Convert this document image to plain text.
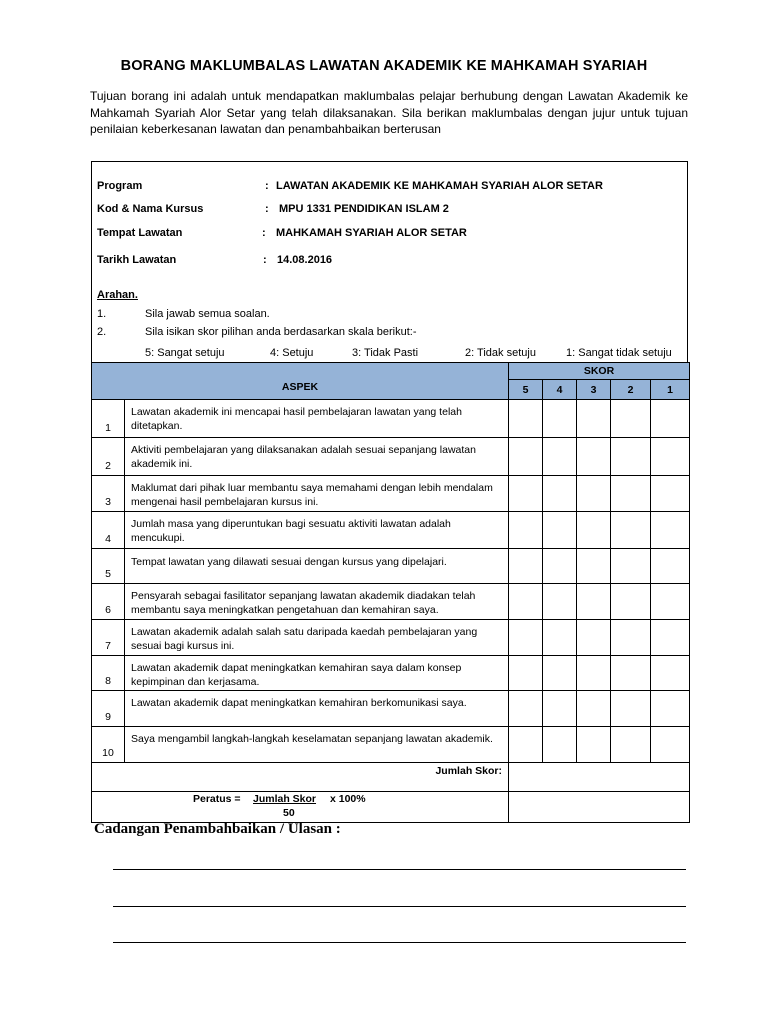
BORANG MAKLUMBALAS LAWATAN AKADEMIK KE MAHKAMAH SYARIAH
Tujuan borang ini adalah untuk mendapatkan maklumbalas pelajar berhubung dengan Lawatan Akademik ke Mahkamah Syariah Alor Setar yang telah dilaksanakan. Sila berikan maklumbalas dengan jujur untuk tujuan penilaian keberkesanan lawatan dan penambahbaikan berterusan
Program	: LAWATAN AKADEMIK KE MAHKAMAH SYARIAH ALOR SETAR
Kod & Nama Kursus	: MPU 1331 PENDIDIKAN ISLAM 2
Tempat Lawatan	: MAHKAMAH SYARIAH ALOR SETAR
Tarikh Lawatan	: 14.08.2016
Arahan.
1.	Sila jawab semua soalan.
2.	Sila isikan skor pilihan anda berdasarkan skala berikut:-
5: Sangat setuju	4: Setuju	3: Tidak Pasti	2: Tidak setuju	1: Sangat tidak setuju
ASPEK		SKOR				
		5	4	3	2	1
1	Lawatan akademik ini mencapai hasil pembelajaran lawatan yang telah ditetapkan.					
2	Aktiviti pembelajaran yang dilaksanakan adalah sesuai sepanjang lawatan akademik ini.					
3	Maklumat dari pihak luar membantu saya memahami dengan lebih mendalam mengenai hasil pembelajaran kursus ini.					
4	Jumlah masa yang diperuntukan bagi sesuatu aktiviti lawatan adalah mencukupi.					
5	Tempat lawatan yang dilawati sesuai dengan kursus yang dipelajari.					
6	Pensyarah sebagai fasilitator sepanjang lawatan akademik diadakan telah membantu saya meningkatkan pengetahuan dan kemahiran saya.					
7	Lawatan akademik adalah salah satu daripada kaedah pembelajaran yang sesuai bagi kursus ini.					
8	Lawatan akademik dapat meningkatkan kemahiran saya dalam konsep kepimpinan dan kerjasama.					
9	Lawatan akademik dapat meningkatkan kemahiran berkomunikasi saya.					
10	Saya mengambil langkah-langkah keselamatan sepanjang lawatan akademik.					
Jumlah Skor:						

Peratus = Jumlah Skor x 100%
50						

Cadangan Penambahbaikan / Ulasan :
